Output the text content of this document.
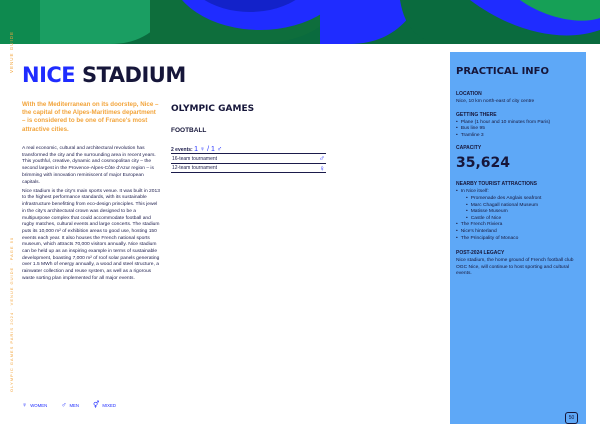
VENUE GUIDE
OLYMPIC GAMES PARIS 2024 · VENUE GUIDE · PAGE 50
NICE STADIUM
With the Mediterranean on its doorstep, Nice – the capital of the Alpes-Maritimes department – is considered to be one of France's most attractive cities.

A real economic, cultural and architectural revolution has transformed the city and the surrounding area in recent years. This youthful, creative, dynamic and cosmopolitan city – the second largest in the Provence-Alpes-Côte d'Azur region – is brimming with innovation reminiscent of major European capitals.

Nice stadium is the city's main sports venue. It was built in 2013 to the highest performance standards, with its sustainable infrastructure benefitting from eco-design principles. This jewel in the city's architectural crown was designed to be a multipurpose complex that could accommodate football and rugby matches, cultural events and large concerts. The stadium puts its 10,000 m² of exhibition areas to good use, hosting 150 events each year. It also houses the French national sports museum, which attracts 70,000 visitors annually. Nice stadium can be held up as an inspiring example in terms of sustainable development, boasting 7,000 m² of roof solar panels generating over 1.5 MWh of energy annually, a wood and steel structure, a rainwater collection and reuse system, as well as a rigorous waste sorting plan implemented for all major events.

OLYMPIC GAMES
FOOTBALL
2 events: 1 ♀ / 1 ♂
16-team tournament	♂
12-team tournament	♀
PRACTICAL INFO
LOCATION
Nice, 10 km north-east of city centre
GETTING THERE
• Plane (1 hour and 10 minutes from Paris)
• Bus line 95
• Tramline 3
CAPACITY
35,624
NEARBY TOURIST ATTRACTIONS
• In Nice itself:
• Promenade des Anglais seafront
• Marc Chagall national Museum
• Matisse Museum
• Castle of Nice
• The French Riviera
• Nice's hinterland
• The Principality of Monaco
POST-2024 LEGACY
Nice stadium, the home ground of French football club OGC Nice, will continue to host sporting and cultural events.
♀ WOMEN ♂ MEN ⚥ MIXED
50
